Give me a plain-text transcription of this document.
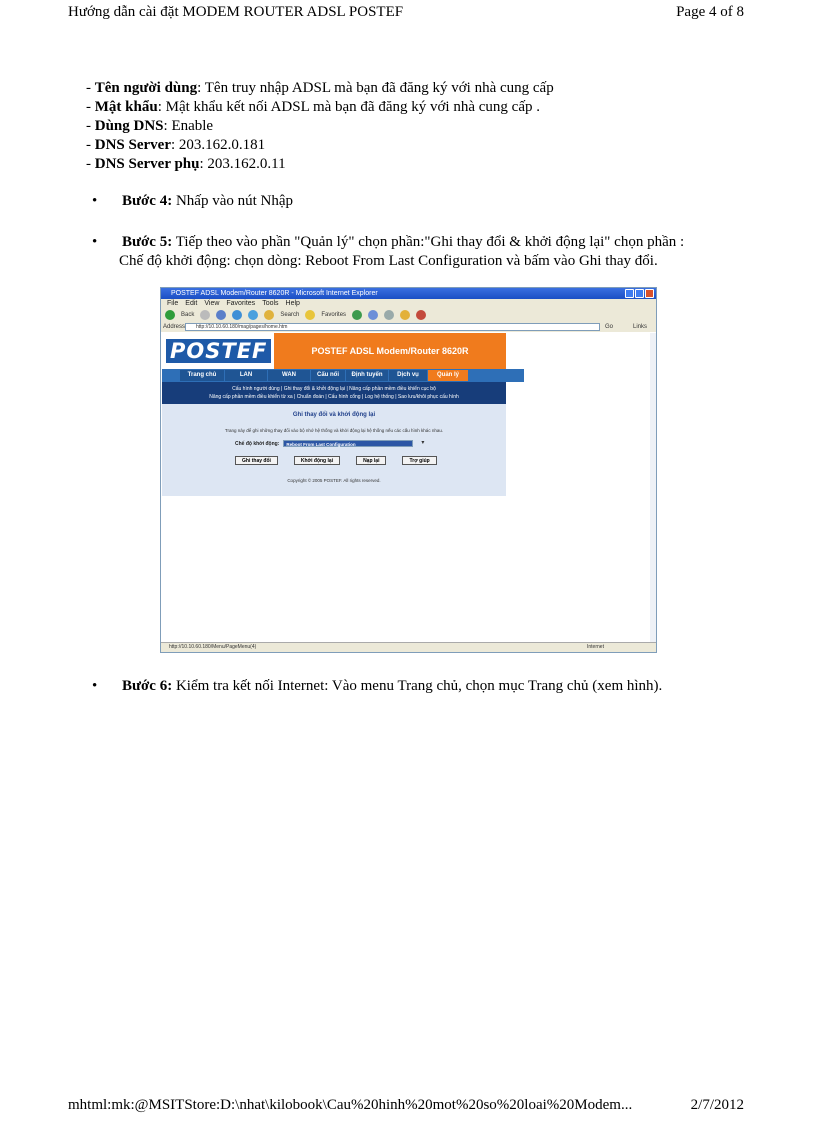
Hướng dẫn cài đặt MODEM ROUTER ADSL POSTEF	Page 4 of 8
- Tên người dùng: Tên truy nhập ADSL mà bạn đã đăng ký với nhà cung cấp
- Mật khẩu: Mật khẩu kết nối ADSL mà bạn đã đăng ký với nhà cung cấp .
- Dùng DNS: Enable
- DNS Server: 203.162.0.181
- DNS Server phụ: 203.162.0.11
• Bước 4: Nhấp vào nút Nhập
• Bước 5: Tiếp theo vào phần "Quản lý" chọn phần:"Ghi thay đổi & khởi động lại" chọn phần :
Chế độ khởi động: chọn dòng: Reboot From Last Configuration và bấm vào Ghi thay đổi.
POSTEF ADSL Modem/Router 8620R - Microsoft Internet Explorer
File Edit View Favorites Tools Help
Back	Search	Favorites
Address	http://10.10.60.180/mag/pages/home.htm	Go	Links
POSTEF	POSTEF ADSL Modem/Router 8620R
Trang chủ	LAN	WAN	Cấu nối	Định tuyến	Dịch vụ	Quản lý
Cấu hình người dùng | Ghi thay đổi & khởi động lại | Nâng cấp phần mềm điều khiển cục bộ
Nâng cấp phần mềm điều khiển từ xa | Chuẩn đoán | Cấu hình cổng | Log hệ thống | Sao lưu/khôi phục cấu hình
Ghi thay đổi và khởi động lại
Trang này để ghi những thay đổi vào bộ nhớ hệ thống và khởi động lại hệ thống nếu các cấu hình khác nhau.
Chế độ khởi động:	Reboot From Last Configuration	▾
Ghi thay đổi	Khởi động lại	Nạp lại	Trợ giúp
Copyright © 2005 POSTEF. All rights reserved.
http://10.10.60.180/Menu/PageMenu(4)	Internet
• Bước 6: Kiểm tra kết nối Internet: Vào menu Trang chủ, chọn mục Trang chủ (xem hình).
mhtml:mk:@MSITStore:D:\nhat\kilobook\Cau%20hinh%20mot%20so%20loai%20Modem...	2/7/2012
